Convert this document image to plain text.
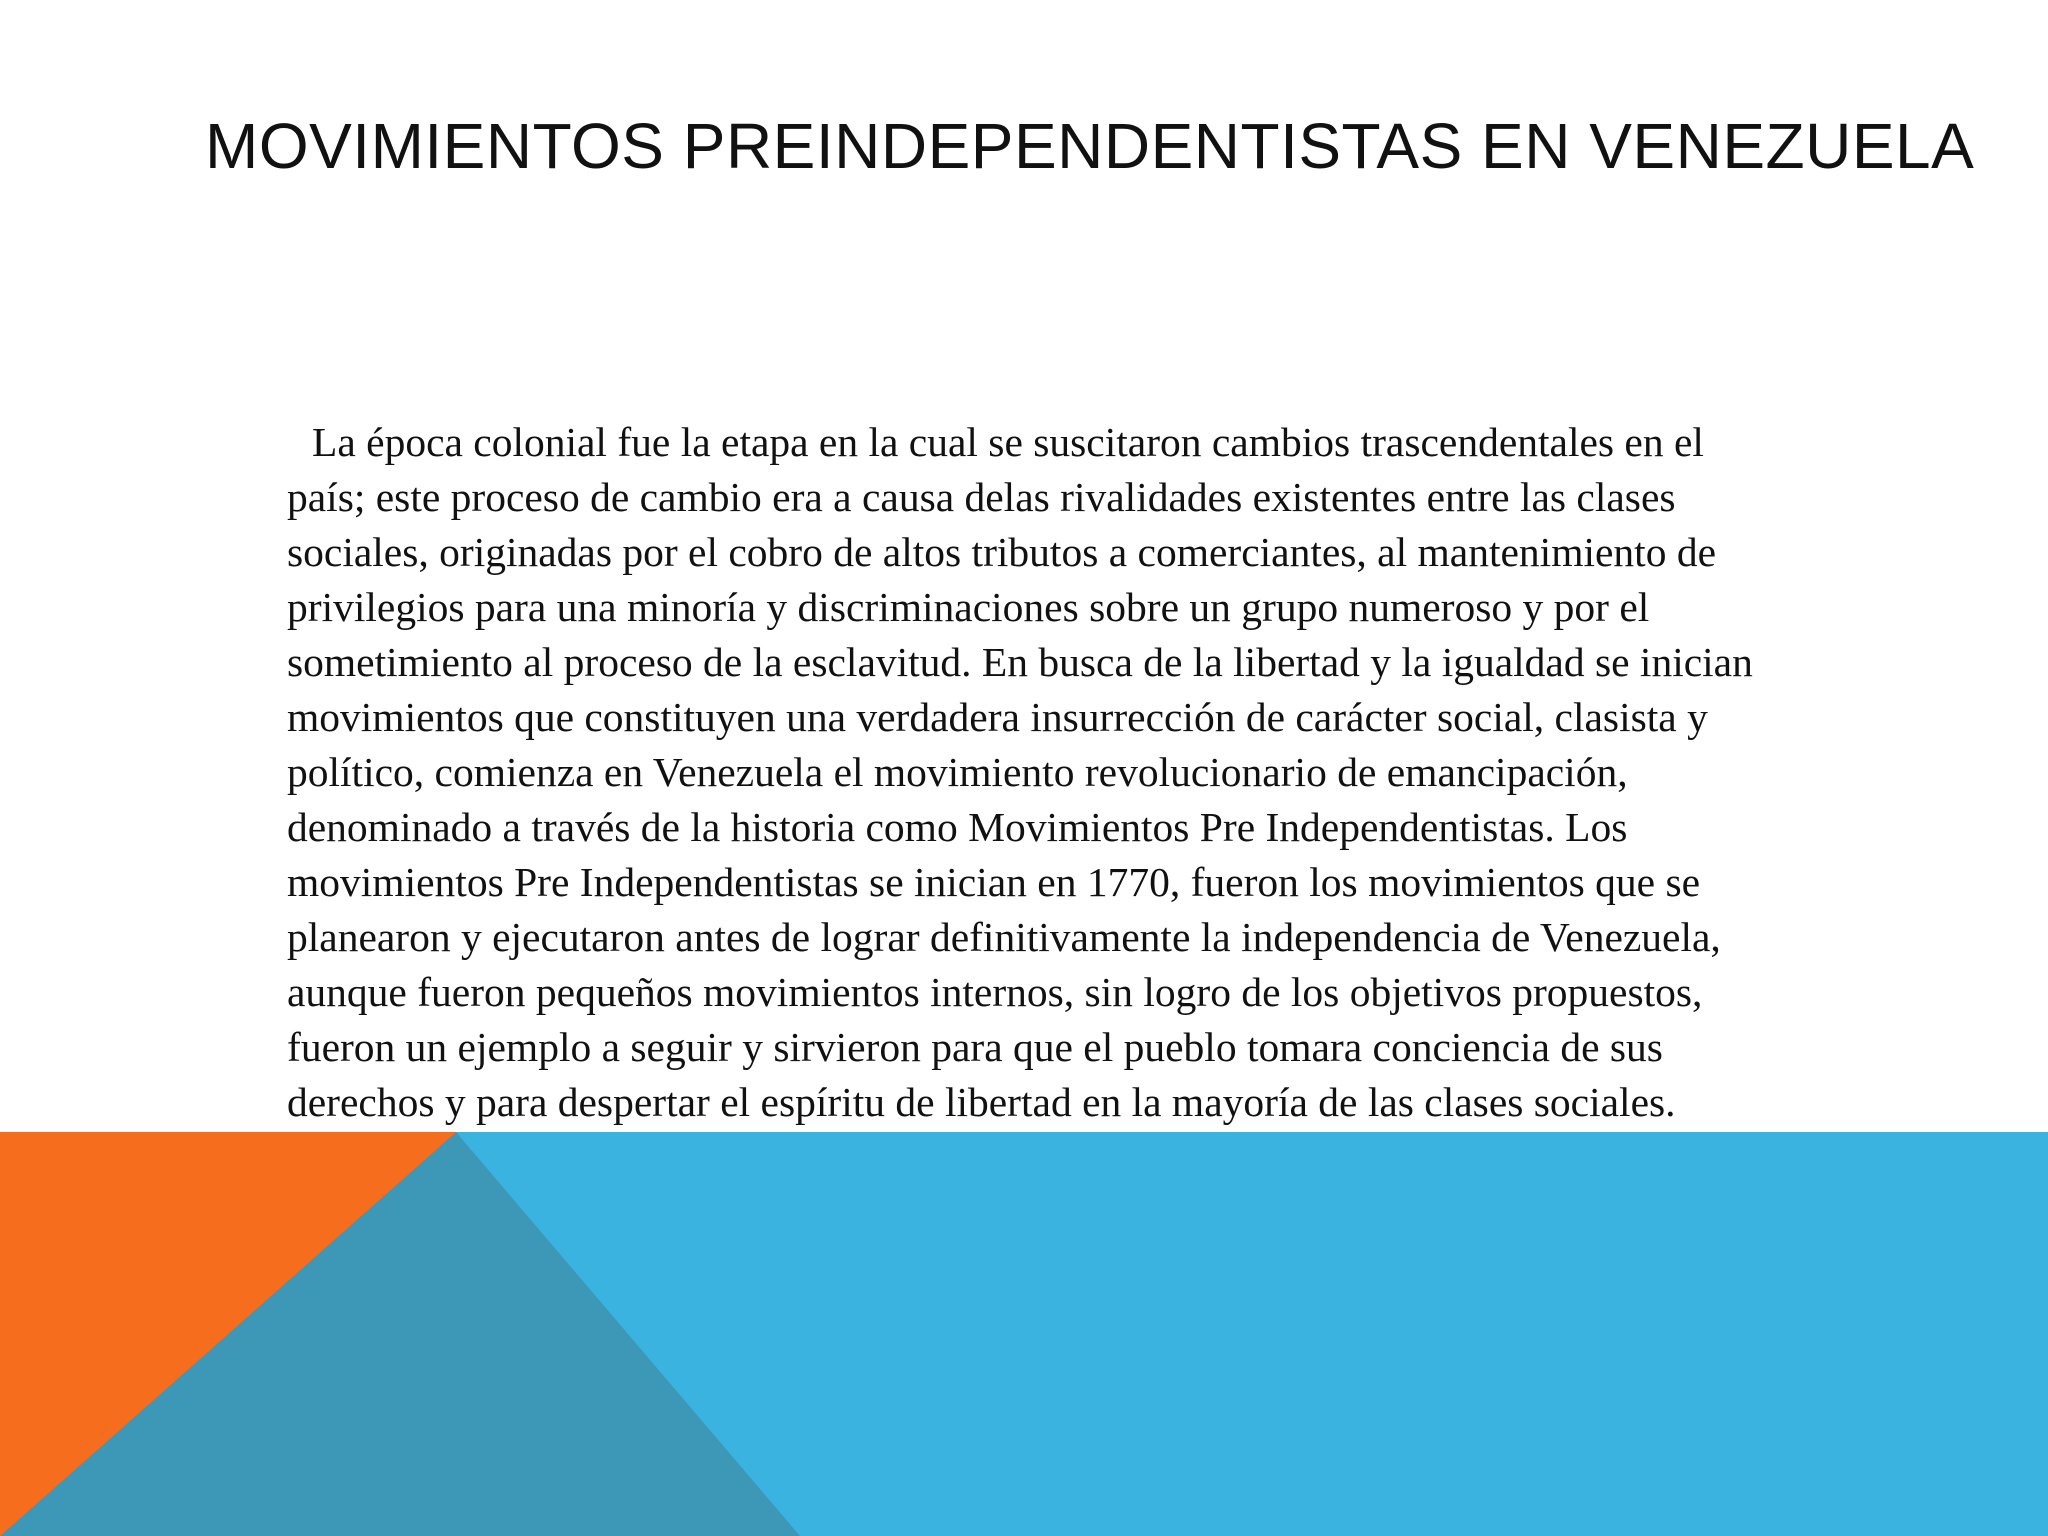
MOVIMIENTOS PREINDEPENDENTISTAS EN VENEZUELA

La época colonial fue la etapa en la cual se suscitaron cambios trascendentales en el país; este proceso de cambio era a causa delas rivalidades existentes entre las clases sociales, originadas por el cobro de altos tributos a comerciantes, al mantenimiento de privilegios para una minoría y discriminaciones sobre un grupo numeroso y por el sometimiento al proceso de la esclavitud. En busca de la libertad y la igualdad se inician movimientos que constituyen una verdadera insurrección de carácter social, clasista y político, comienza en Venezuela el movimiento revolucionario de emancipación, denominado a través de la historia como Movimientos Pre Independentistas. Los movimientos Pre Independentistas se inician en 1770, fueron los movimientos que se planearon y ejecutaron antes de lograr definitivamente la independencia de Venezuela, aunque fueron pequeños movimientos internos, sin logro de los objetivos propuestos, fueron un ejemplo a seguir y sirvieron para que el pueblo tomara conciencia de sus derechos y para despertar el espíritu de libertad en la mayoría de las clases sociales.
